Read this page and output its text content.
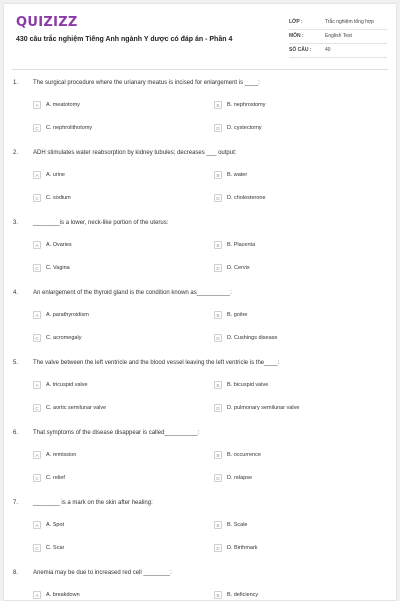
QUIZIZZ
430 câu trắc nghiệm Tiếng Anh ngành Y dược có đáp án - Phần 4
LỚP :	Trắc nghiệm tổng hợp
MÔN :	English Test
SỐ CÂU :	40
1. The surgical procedure where the urianary meatus is incised for enlargement is ____:
A	A. meatotomy	B	B. nephrostomy
C	C. nephrolithotomy	D	D. cystectomy
2. ADH stimulates water reabsorption by kidney tubules; decreases ___ output:
A	A. urine	B	B. water
C	C. sodium	D	D. cholesterone
3. ________is a lower, neck-like portion of the uterus:
A	A. Ovaries	B	B. Placenta
C	C. Vagina	D	D. Cervix
4. An enlargement of the thyroid gland is the condition known as__________:
A	A. parathyroidism	B	B. goitre
C	C. acromegaly	D	D. Cushings disease
5. The valve between the left ventricle and the blood vessel leaving the left ventricle is the____:
A	A. tricuspid valve	B	B. bicuspid valve
C	C. aortic semilunar valve	D	D. pulmonary semilunar valve
6. That symptoms of the disease disappear is called__________:
A	A. remission	B	B. occurrence
C	C. relief	D	D. relapse
7. ________ is a mark on the skin after healing:
A	A. Spot	B	B. Scale
C	C. Scar	D	D. Birthmark
8. Anemia may be due to increased red cell ________:
A	A. breakdown	B	B. deficiency
